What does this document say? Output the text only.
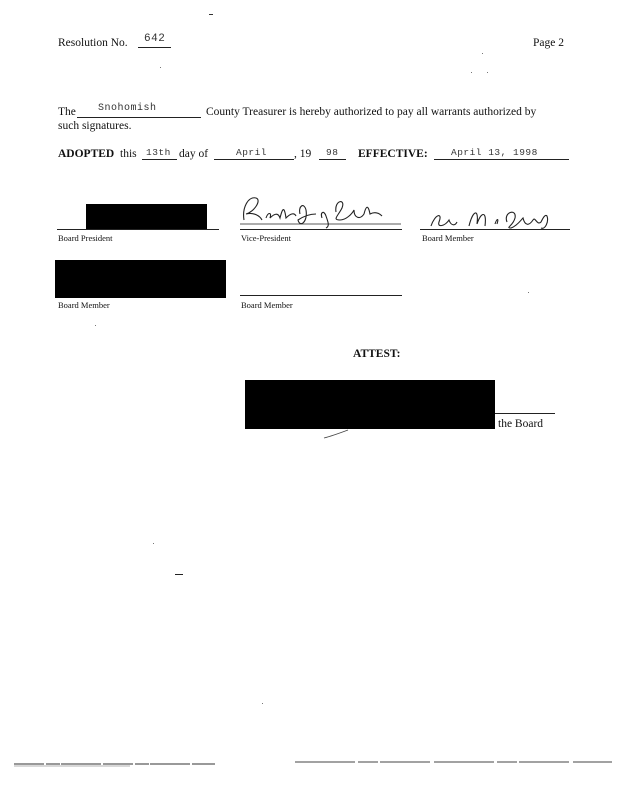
Resolution No. 642	Page 2
The Snohomish	County Treasurer is hereby authorized to pay all warrants authorized by
such signatures.
ADOPTED this 13th day of	April , 19 98 EFFECTIVE: April 13, 1998
Board President	Vice-President	Board Member
Board Member	Board Member
ATTEST:
the Board
